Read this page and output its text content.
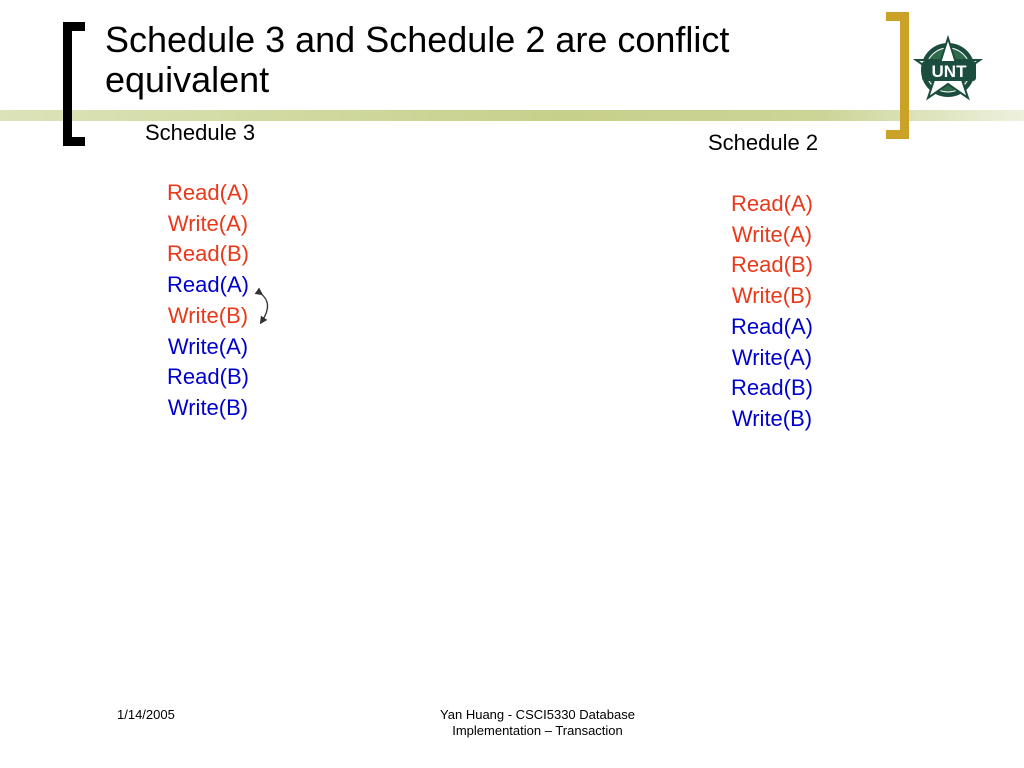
Schedule 3 and Schedule 2 are conflict equivalent	UNT
Schedule 3
Read(A)
Write(A)
Read(B)
Read(A)
Write(B)
Write(A)
Read(B)
Write(B)
Schedule 2
Read(A)
Write(A)
Read(B)
Write(B)
Read(A)
Write(A)
Read(B)
Write(B)
1/14/2005	Yan Huang - CSCI5330 Database Implementation – Transaction
